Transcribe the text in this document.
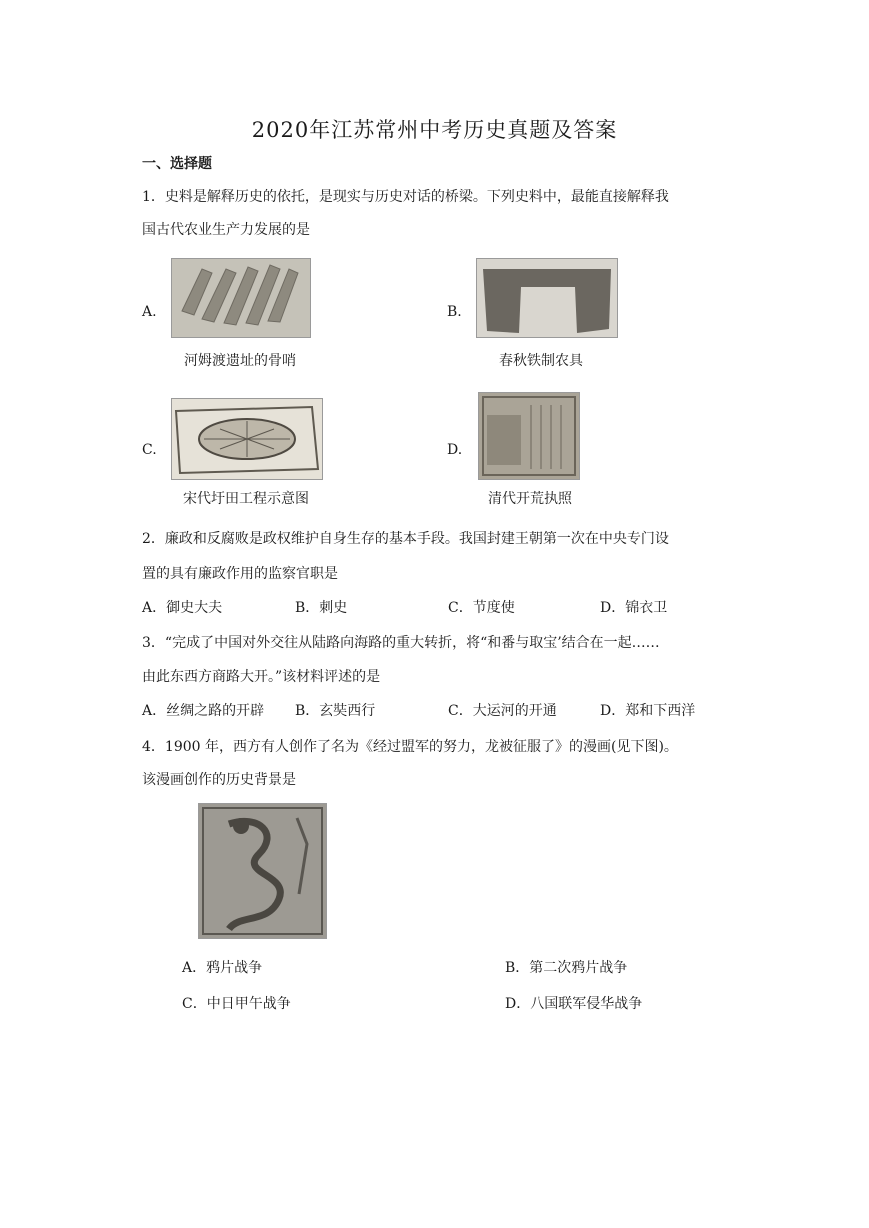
2020年江苏常州中考历史真题及答案
一、选择题
1．史料是解释历史的依托，是现实与历史对话的桥梁。下列史料中，最能直接解释我
国古代农业生产力发展的是
A.
河姆渡遗址的骨哨
B.
春秋铁制农具
C.
宋代圩田工程示意图
D.
清代开荒执照
2．廉政和反腐败是政权维护自身生存的基本手段。我国封建王朝第一次在中央专门设
置的具有廉政作用的监察官职是
A．御史大夫	B．刺史	C．节度使	D．锦衣卫
3．“完成了中国对外交往从陆路向海路的重大转折，将“和番与取宝’结合在一起……
由此东西方商路大开。”该材料评述的是
A．丝绸之路的开辟 B．玄奘西行	C．大运河的开通	D．郑和下西洋
4．1900 年，西方有人创作了名为《经过盟军的努力，龙被征服了》的漫画(见下图)。
该漫画创作的历史背景是
A．鸦片战争	B．第二次鸦片战争
C．中日甲午战争	D．八国联军侵华战争
